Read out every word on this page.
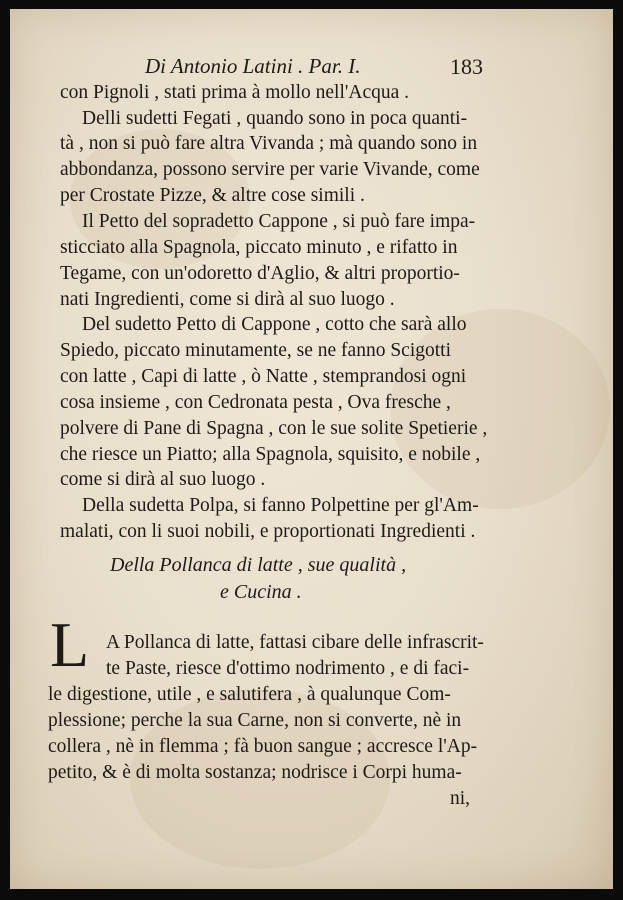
Di Antonio Latini . Par. I.	183
con Pignoli , stati prima à mollo nell'Acqua .
Delli sudetti Fegati , quando sono in poca quanti-
tà , non si può fare altra Vivanda ; mà quando sono in
abbondanza, possono servire per varie Vivande, come
per Crostate Pizze, & altre cose simili .
Il Petto del sopradetto Cappone , si può fare impa-
sticciato alla Spagnola, piccato minuto , e rifatto in
Tegame, con un'odoretto d'Aglio, & altri proportio-
nati Ingredienti, come si dirà al suo luogo .
Del sudetto Petto di Cappone , cotto che sarà allo
Spiedo, piccato minutamente, se ne fanno Scigotti
con latte , Capi di latte , ò Natte , stemprandosi ogni
cosa insieme , con Cedronata pesta , Ova fresche ,
polvere di Pane di Spagna , con le sue solite Spetierie ,
che riesce un Piatto; alla Spagnola, squisito, e nobile ,
come si dirà al suo luogo .
Della sudetta Polpa, si fanno Polpettine per gl'Am-
malati, con li suoi nobili, e proportionati Ingredienti .
Della Pollanca di latte , sue qualità ,
e Cucina .
L A Pollanca di latte, fattasi cibare delle infrascrit-
te Paste, riesce d'ottimo nodrimento , e di faci-
le digestione, utile , e salutifera , à qualunque Com-
plessione; perche la sua Carne, non si converte, nè in
collera , nè in flemma ; fà buon sangue ; accresce l'Ap-
petito, & è di molta sostanza; nodrisce i Corpi huma-
ni,
